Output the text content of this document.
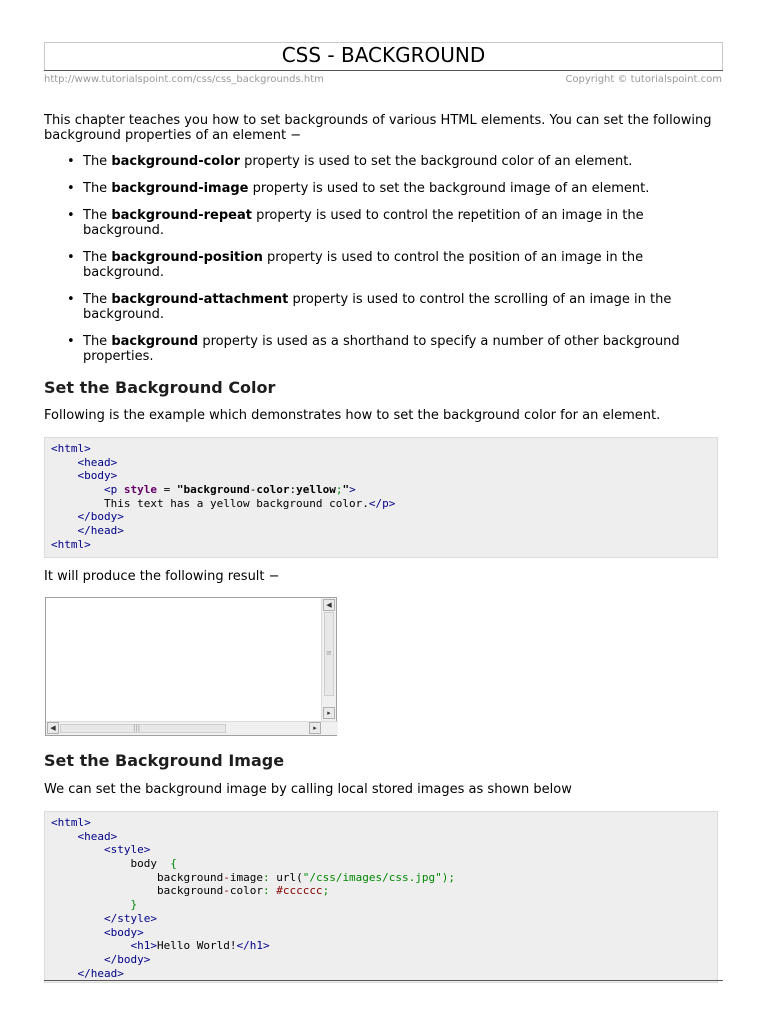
CSS - BACKGROUND
http://www.tutorialspoint.com/css/css_backgrounds.htm	Copyright © tutorialspoint.com

This chapter teaches you how to set backgrounds of various HTML elements. You can set the following background properties of an element −

• The background-color property is used to set the background color of an element.
• The background-image property is used to set the background image of an element.
• The background-repeat property is used to control the repetition of an image in the background.
• The background-position property is used to control the position of an image in the background.
• The background-attachment property is used to control the scrolling of an image in the background.
• The background property is used as a shorthand to specify a number of other background properties.
Set the Background Color

Following is the example which demonstrates how to set the background color for an element.

<html>
<head>
<body>
<p style = "background-color:yellow;">
This text has a yellow background color.</p>
</body>
</head>
<html>

It will produce the following result −

◀
≡
▸
◀	|||	▸
Set the Background Image

We can set the background image by calling local stored images as shown below

<html>
<head>
<style>
body {
background-image: url("/css/images/css.jpg");
background-color: #cccccc;
}
</style>
<body>
<h1>Hello World!</h1>
</body>
</head>
